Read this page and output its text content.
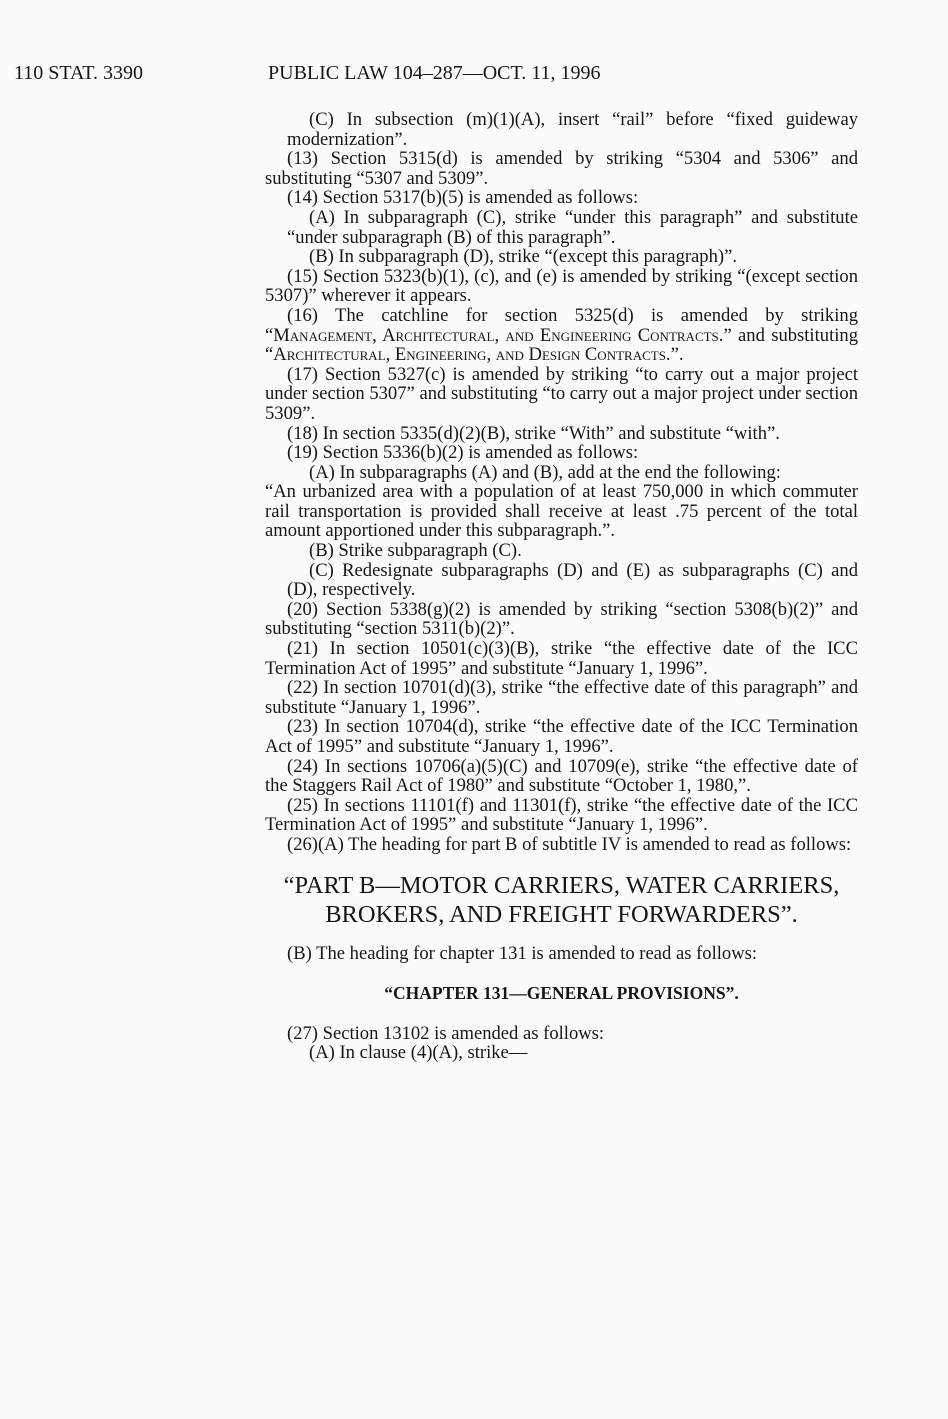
110 STAT. 3390	PUBLIC LAW 104–287—OCT. 11, 1996

(C) In subsection (m)(1)(A), insert “rail” before “fixed guideway modernization”.

(13) Section 5315(d) is amended by striking “5304 and 5306” and substituting “5307 and 5309”.

(14) Section 5317(b)(5) is amended as follows:

(A) In subparagraph (C), strike “under this paragraph” and substitute “under subparagraph (B) of this paragraph”.

(B) In subparagraph (D), strike “(except this paragraph)”.

(15) Section 5323(b)(1), (c), and (e) is amended by striking “(except section 5307)” wherever it appears.

(16) The catchline for section 5325(d) is amended by striking “Management, Architectural, and Engineering Contracts.” and substituting “Architectural, Engineering, and Design Contracts.”.

(17) Section 5327(c) is amended by striking “to carry out a major project under section 5307” and substituting “to carry out a major project under section 5309”.

(18) In section 5335(d)(2)(B), strike “With” and substitute “with”.

(19) Section 5336(b)(2) is amended as follows:

(A) In subparagraphs (A) and (B), add at the end the following:

“An urbanized area with a population of at least 750,000 in which commuter rail transportation is provided shall receive at least .75 percent of the total amount apportioned under this subparagraph.”.

(B) Strike subparagraph (C).

(C) Redesignate subparagraphs (D) and (E) as subparagraphs (C) and (D), respectively.

(20) Section 5338(g)(2) is amended by striking “section 5308(b)(2)” and substituting “section 5311(b)(2)”.

(21) In section 10501(c)(3)(B), strike “the effective date of the ICC Termination Act of 1995” and substitute “January 1, 1996”.

(22) In section 10701(d)(3), strike “the effective date of this paragraph” and substitute “January 1, 1996”.

(23) In section 10704(d), strike “the effective date of the ICC Termination Act of 1995” and substitute “January 1, 1996”.

(24) In sections 10706(a)(5)(C) and 10709(e), strike “the effective date of the Staggers Rail Act of 1980” and substitute “October 1, 1980,”.

(25) In sections 11101(f) and 11301(f), strike “the effective date of the ICC Termination Act of 1995” and substitute “January 1, 1996”.

(26)(A) The heading for part B of subtitle IV is amended to read as follows:

“PART B—MOTOR CARRIERS, WATER CARRIERS, BROKERS, AND FREIGHT FORWARDERS”.

(B) The heading for chapter 131 is amended to read as follows:

“CHAPTER 131—GENERAL PROVISIONS”.

(27) Section 13102 is amended as follows:

(A) In clause (4)(A), strike—
